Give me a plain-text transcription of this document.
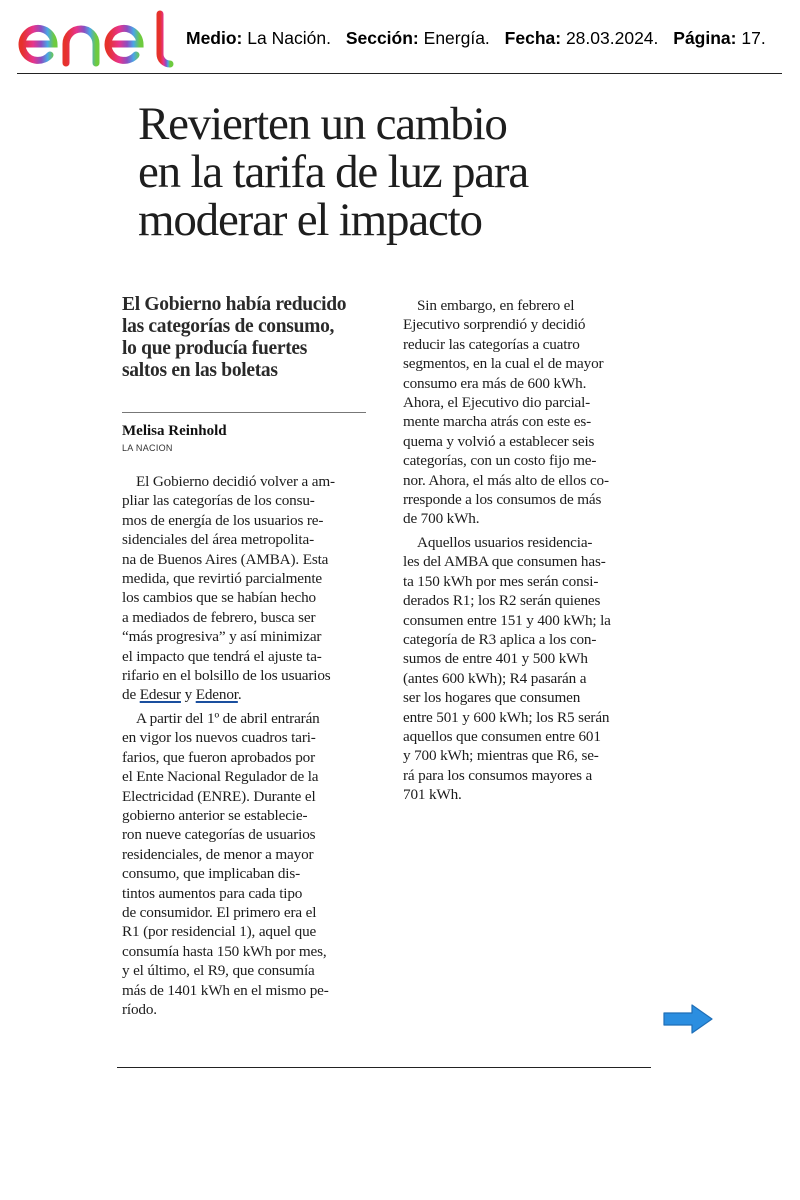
Medio: La Nación. Sección: Energía. Fecha: 28.03.2024. Página: 17.
Revierten un cambio
en la tarifa de luz para
moderar el impacto
El Gobierno había reducido
las categorías de consumo,
lo que producía fuertes
saltos en las boletas
Melisa Reinhold
LA NACION
El Gobierno decidió volver a am-
pliar las categorías de los consu-
mos de energía de los usuarios re-
sidenciales del área metropolita-
na de Buenos Aires (AMBA). Esta
medida, que revirtió parcialmente
los cambios que se habían hecho
a mediados de febrero, busca ser
“más progresiva” y así minimizar
el impacto que tendrá el ajuste ta-
rifario en el bolsillo de los usuarios
de Edesur y Edenor.
A partir del 1º de abril entrarán
en vigor los nuevos cuadros tari-
farios, que fueron aprobados por
el Ente Nacional Regulador de la
Electricidad (ENRE). Durante el
gobierno anterior se establecie-
ron nueve categorías de usuarios
residenciales, de menor a mayor
consumo, que implicaban dis-
tintos aumentos para cada tipo
de consumidor. El primero era el
R1 (por residencial 1), aquel que
consumía hasta 150 kWh por mes,
y el último, el R9, que consumía
más de 1401 kWh en el mismo pe-
ríodo.
Sin embargo, en febrero el
Ejecutivo sorprendió y decidió
reducir las categorías a cuatro
segmentos, en la cual el de mayor
consumo era más de 600 kWh.
Ahora, el Ejecutivo dio parcial-
mente marcha atrás con este es-
quema y volvió a establecer seis
categorías, con un costo fijo me-
nor. Ahora, el más alto de ellos co-
rresponde a los consumos de más
de 700 kWh.
Aquellos usuarios residencia-
les del AMBA que consumen has-
ta 150 kWh por mes serán consi-
derados R1; los R2 serán quienes
consumen entre 151 y 400 kWh; la
categoría de R3 aplica a los con-
sumos de entre 401 y 500 kWh
(antes 600 kWh); R4 pasarán a
ser los hogares que consumen
entre 501 y 600 kWh; los R5 serán
aquellos que consumen entre 601
y 700 kWh; mientras que R6, se-
rá para los consumos mayores a
701 kWh.
